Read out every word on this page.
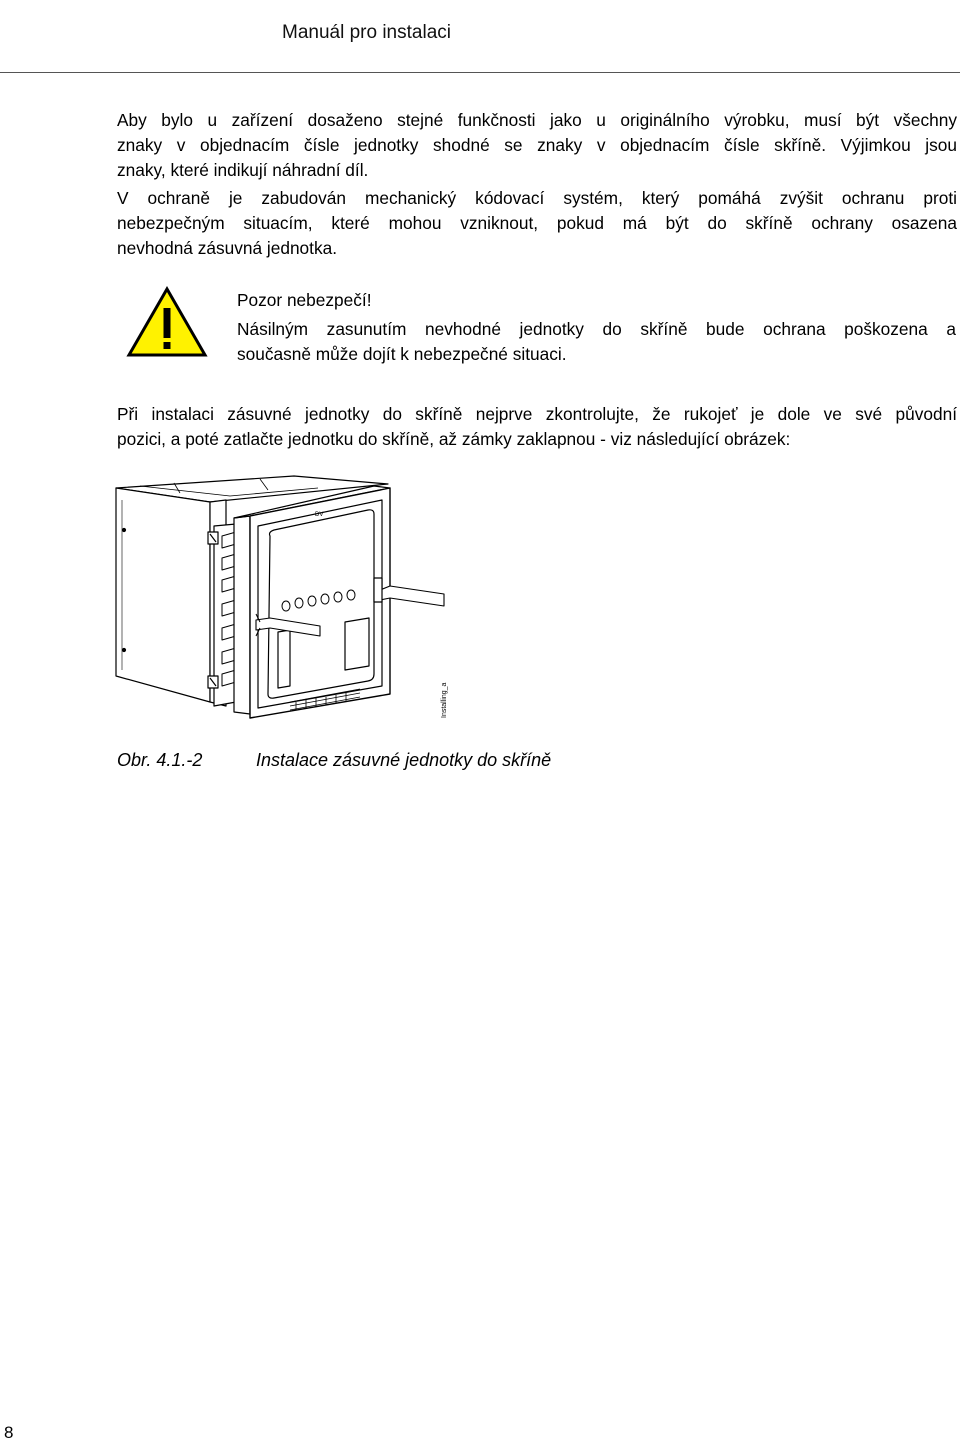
Manuál pro instalaci
Aby bylo u zařízení dosaženo stejné funkčnosti jako u originálního výrobku, musí být všechny
znaky v objednacím čísle jednotky shodné se znaky v objednacím čísle skříně. Výjimkou jsou
znaky, které indikují náhradní díl.
V ochraně je zabudován mechanický kódovací systém, který pomáhá zvýšit ochranu proti
nebezpečným situacím, které mohou vzniknout, pokud má být do skříně ochrany osazena
nevhodná zásuvná jednotka.
Pozor nebezpečí!
Násilným zasunutím nevhodné jednotky do skříně bude ochrana poškozena a
současně může dojít k nebezpečné situaci.
Při instalaci zásuvné jednotky do skříně nejprve zkontrolujte, že rukojeť je dole ve své původní
pozici, a poté zatlačte jednotku do skříně, až zámky zaklapnou - viz následující obrázek:
DV
Installing_a
Obr. 4.1.-2	Instalace zásuvné jednotky do skříně
8
